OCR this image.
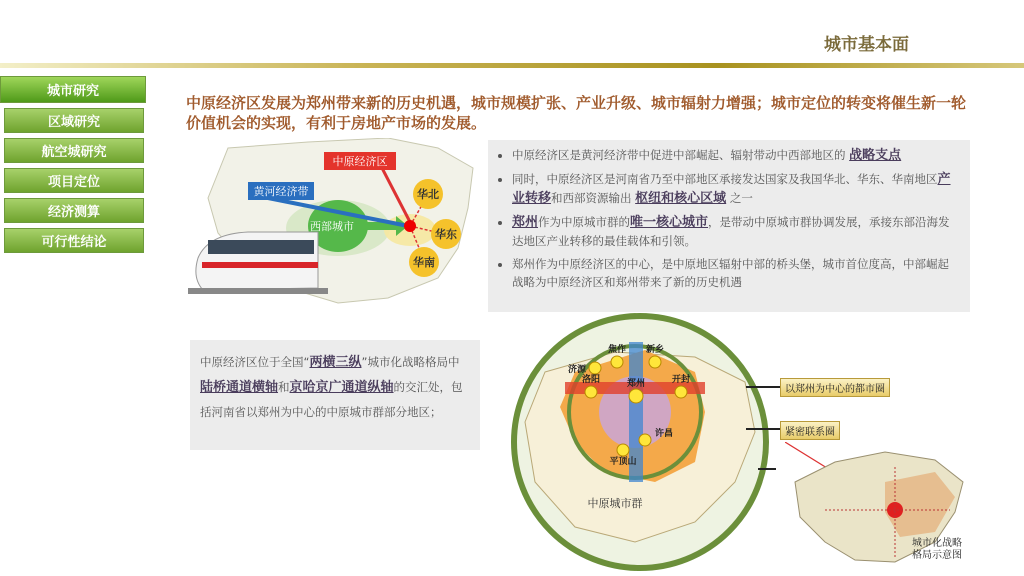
城市基本面
城市研究
区域研究
航空城研究
项目定位
经济测算
可行性结论
中原经济区发展为郑州带来新的历史机遇，城市规模扩张、产业升级、城市辐射力增强；城市定位的转变将催生新一轮价值机会的实现，有利于房地产市场的发展。
中原经济区
黄河经济带
西部城市
华北
华东
华南
• 中原经济区是黄河经济带中促进中部崛起、辐射带动中西部地区的 战略支点
• 同时，中原经济区是河南省乃至中部地区承接发达国家及我国华北、华东、华南地区产业转移和西部资源输出 枢纽和核心区域 之一
• 郑州作为中原城市群的唯一核心城市，是带动中原城市群协调发展，承接东部沿海发达地区产业转移的最佳载体和引领。
• 郑州作为中原经济区的中心，是中原地区辐射中部的桥头堡，城市首位度高，中部崛起战略为中原经济区和郑州带来了新的历史机遇
中原经济区位于全国“两横三纵”城市化战略格局中陆桥通道横轴和京哈京广通道纵轴的交汇处，包括河南省以郑州为中心的中原城市群部分地区；
郑州	开封
洛阳
新乡
许昌
平顶山
焦作
济源
中原城市群
以郑州为中心的都市圈
紧密联系圈
城市化战略格局示意图
